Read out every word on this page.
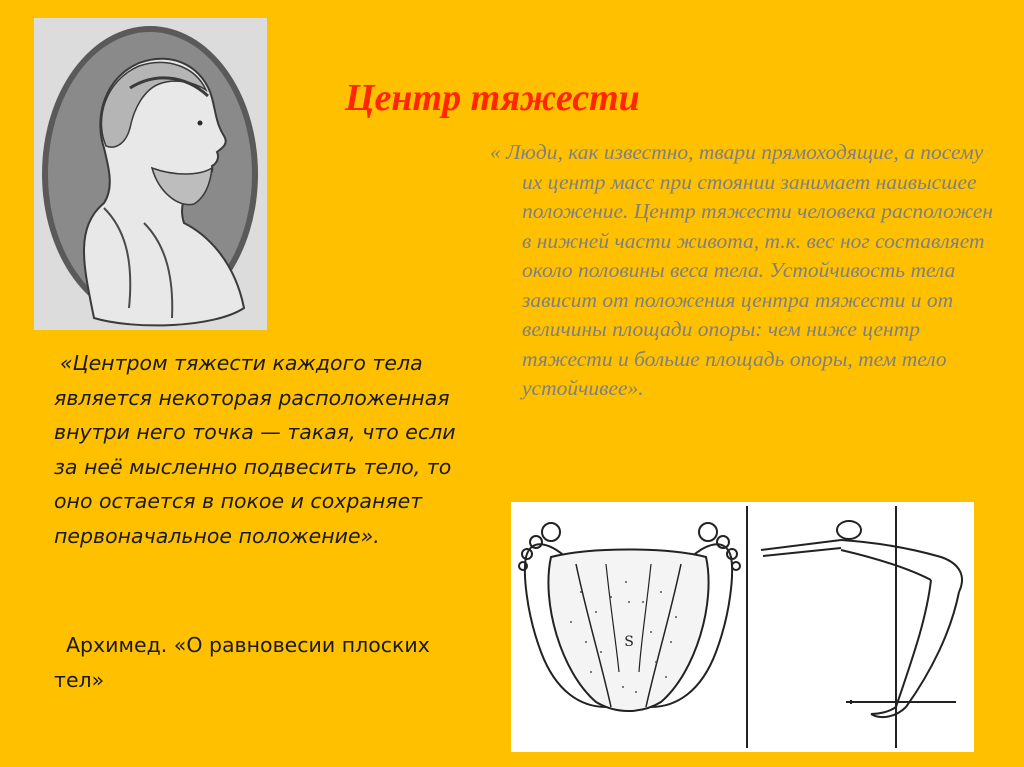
Центр тяжести

« Люди, как известно, твари прямоходящие, а посему их центр масс при стоянии занимает наивысшее положение. Центр тяжести человека расположен в нижней части живота, т.к. вес ног составляет около половины веса тела. Устойчивость тела зависит от положения центра тяжести и от величины площади опоры: чем ниже центр тяжести и больше площадь опоры, тем тело устойчивее».

«Центром тяжести каждого тела является некоторая расположенная внутри него точка — такая, что если за неё мысленно подвесить тело, то оно остается в покое и сохраняет первоначальное положение».

Архимед. «О равновесии плоских тел»

S
